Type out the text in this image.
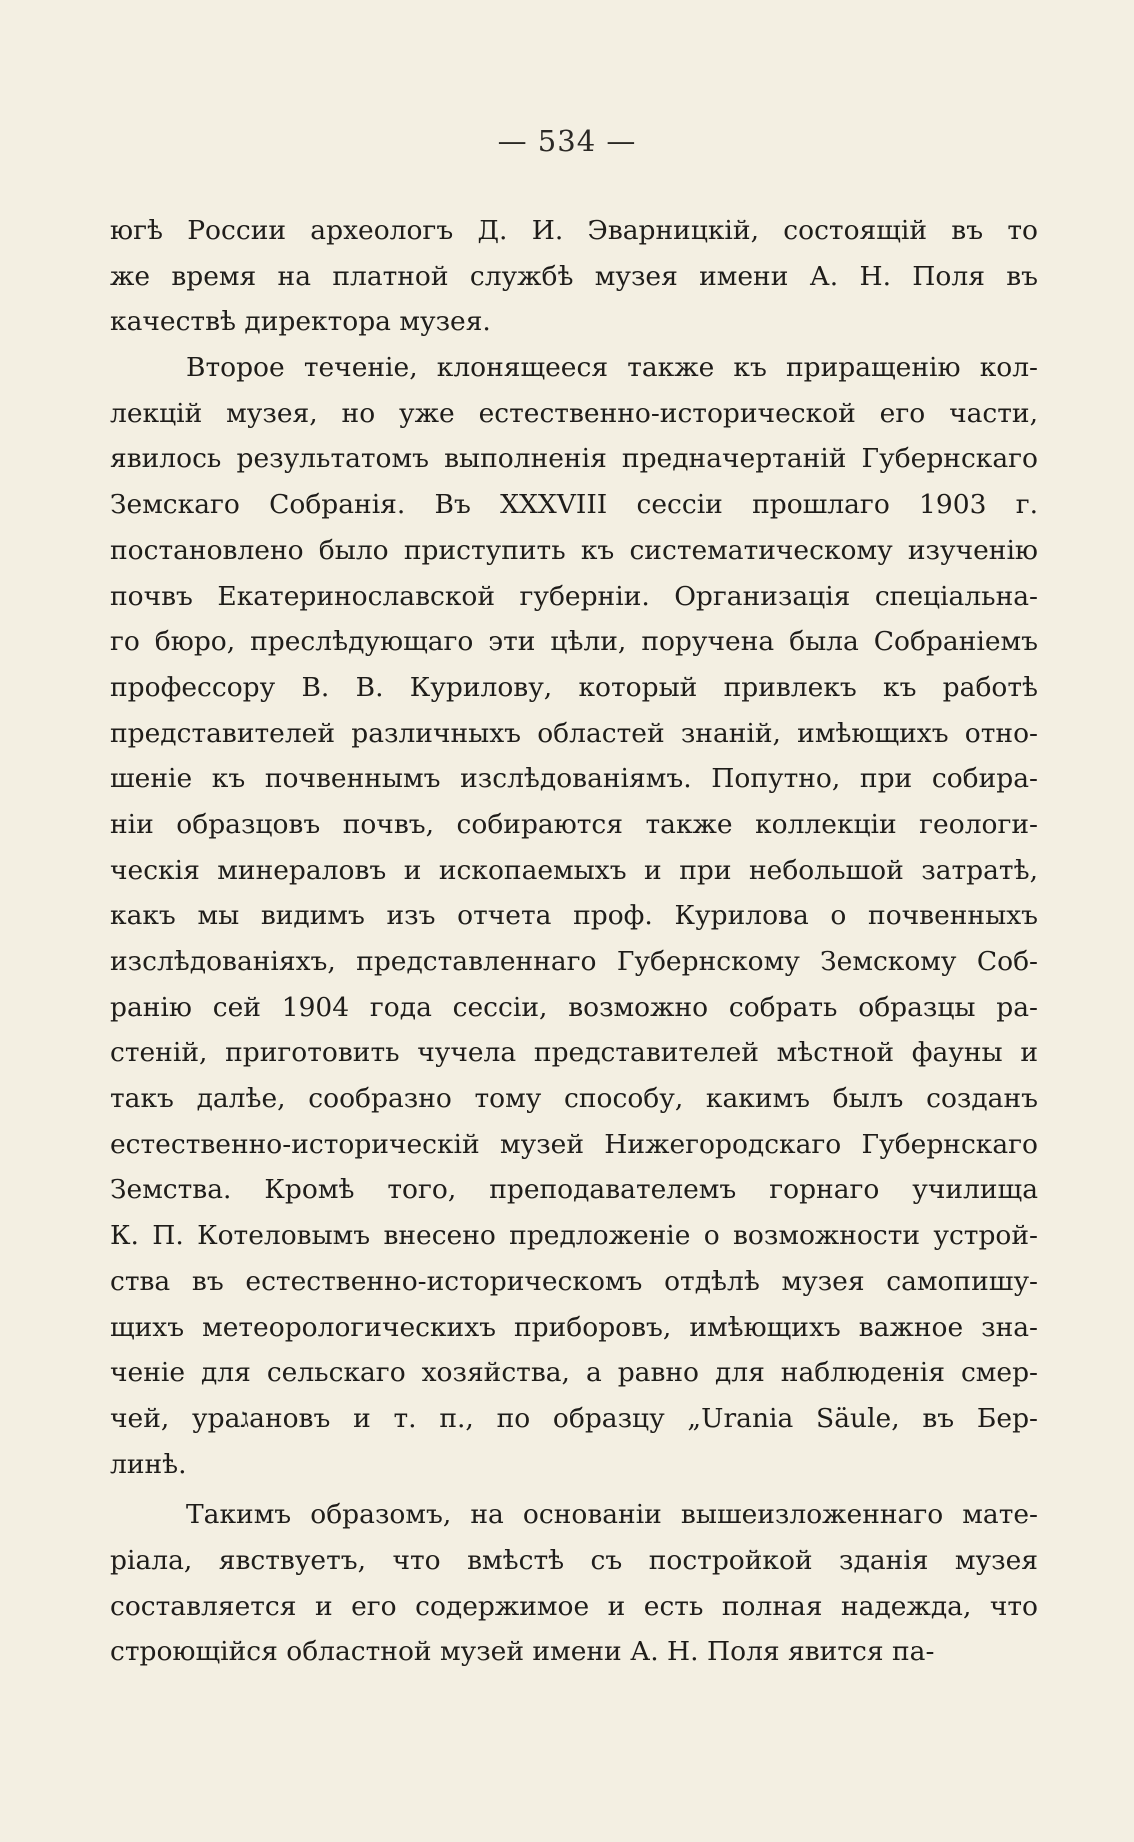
— 534 —
югѣ России археологъ Д. И. Эварницкій, состоящій въ то
же время на платной службѣ музея имени А. Н. Поля въ
качествѣ директора музея.
Второе теченіе, клонящееся также къ приращенію кол-
лекцій музея, но уже естественно-исторической его части,
явилось результатомъ выполненія предначертаній Губернскаго
Земскаго Собранія. Въ XXXVIII сессіи прошлаго 1903 г.
постановлено было приступить къ систематическому изученію
почвъ Екатеринославской губерніи. Организація спеціальна-
го бюро, преслѣдующаго эти цѣли, поручена была Собраніемъ
профессору В. В. Курилову, который привлекъ къ работѣ
представителей различныхъ областей знаній, имѣющихъ отно-
шеніе къ почвеннымъ изслѣдованіямъ. Попутно, при собира-
ніи образцовъ почвъ, собираются также коллекціи геологи-
ческія минераловъ и ископаемыхъ и при небольшой затратѣ,
какъ мы видимъ изъ отчета проф. Курилова о почвенныхъ
изслѣдованіяхъ, представленнаго Губернскому Земскому Соб-
ранію сей 1904 года сессіи, возможно собрать образцы ра-
стеній, приготовить чучела представителей мѣстной фауны и
такъ далѣе, сообразно тому способу, какимъ былъ созданъ
естественно-историческій музей Нижегородскаго Губернскаго
Земства. Кромѣ того, преподавателемъ горнаго училища
К. П. Котеловымъ внесено предложеніе о возможности устрой-
ства въ естественно-историческомъ отдѣлѣ музея самопишу-
щихъ метеорологическихъ приборовъ, имѣющихъ важное зна-
ченіе для сельскаго хозяйства, а равно для наблюденія смер-
чей, ураגановъ и т. п., по образцу „Urania Säule, въ Бер-
линѣ.
Такимъ образомъ, на основаніи вышеизложеннаго мате-
ріала, явствуетъ, что вмѣстѣ съ постройкой зданія музея
составляется и его содержимое и есть полная надежда, что
строющійся областной музей имени А. Н. Поля явится па-
